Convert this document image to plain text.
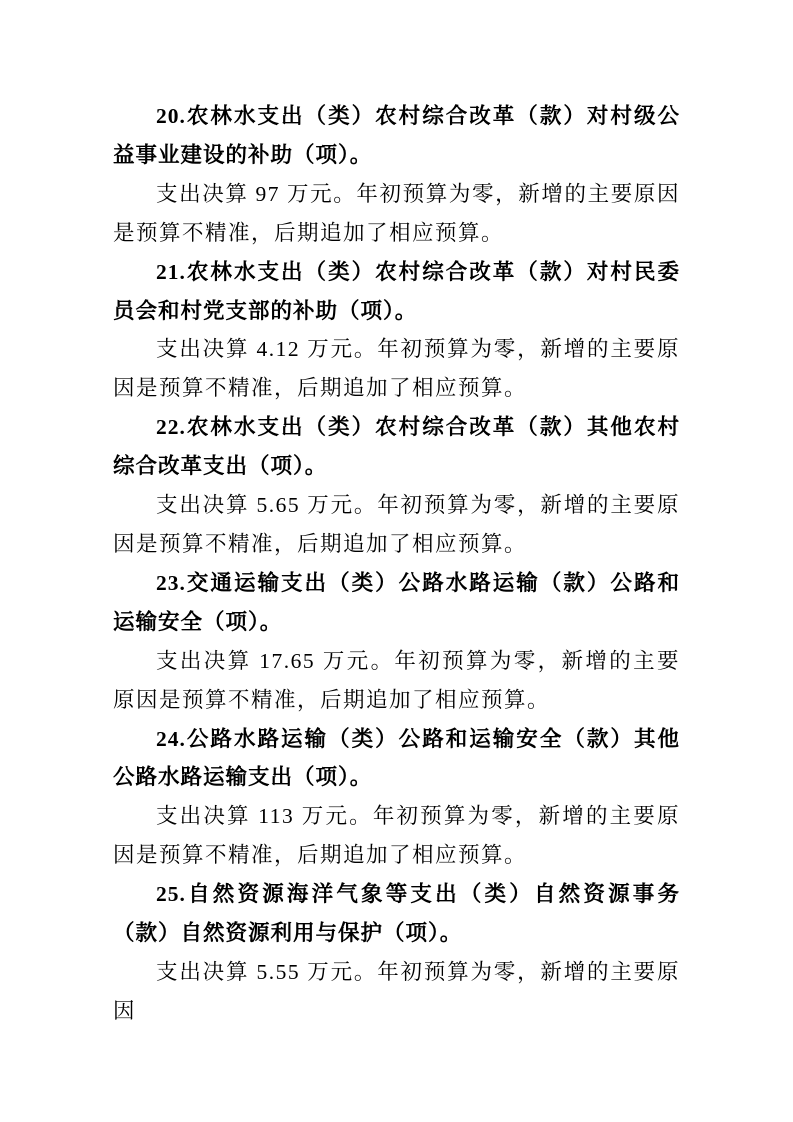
20.农林水支出（类）农村综合改革（款）对村级公益事业建设的补助（项）。

支出决算 97 万元。年初预算为零，新增的主要原因是预算不精准，后期追加了相应预算。

21.农林水支出（类）农村综合改革（款）对村民委员会和村党支部的补助（项）。

支出决算 4.12 万元。年初预算为零，新增的主要原因是预算不精准，后期追加了相应预算。

22.农林水支出（类）农村综合改革（款）其他农村综合改革支出（项）。

支出决算 5.65 万元。年初预算为零，新增的主要原因是预算不精准，后期追加了相应预算。

23.交通运输支出（类）公路水路运输（款）公路和运输安全（项）。

支出决算 17.65 万元。年初预算为零，新增的主要原因是预算不精准，后期追加了相应预算。

24.公路水路运输（类）公路和运输安全（款）其他公路水路运输支出（项）。

支出决算 113 万元。年初预算为零，新增的主要原因是预算不精准，后期追加了相应预算。

25.自然资源海洋气象等支出（类）自然资源事务（款）自然资源利用与保护（项）。

支出决算 5.55 万元。年初预算为零，新增的主要原因
